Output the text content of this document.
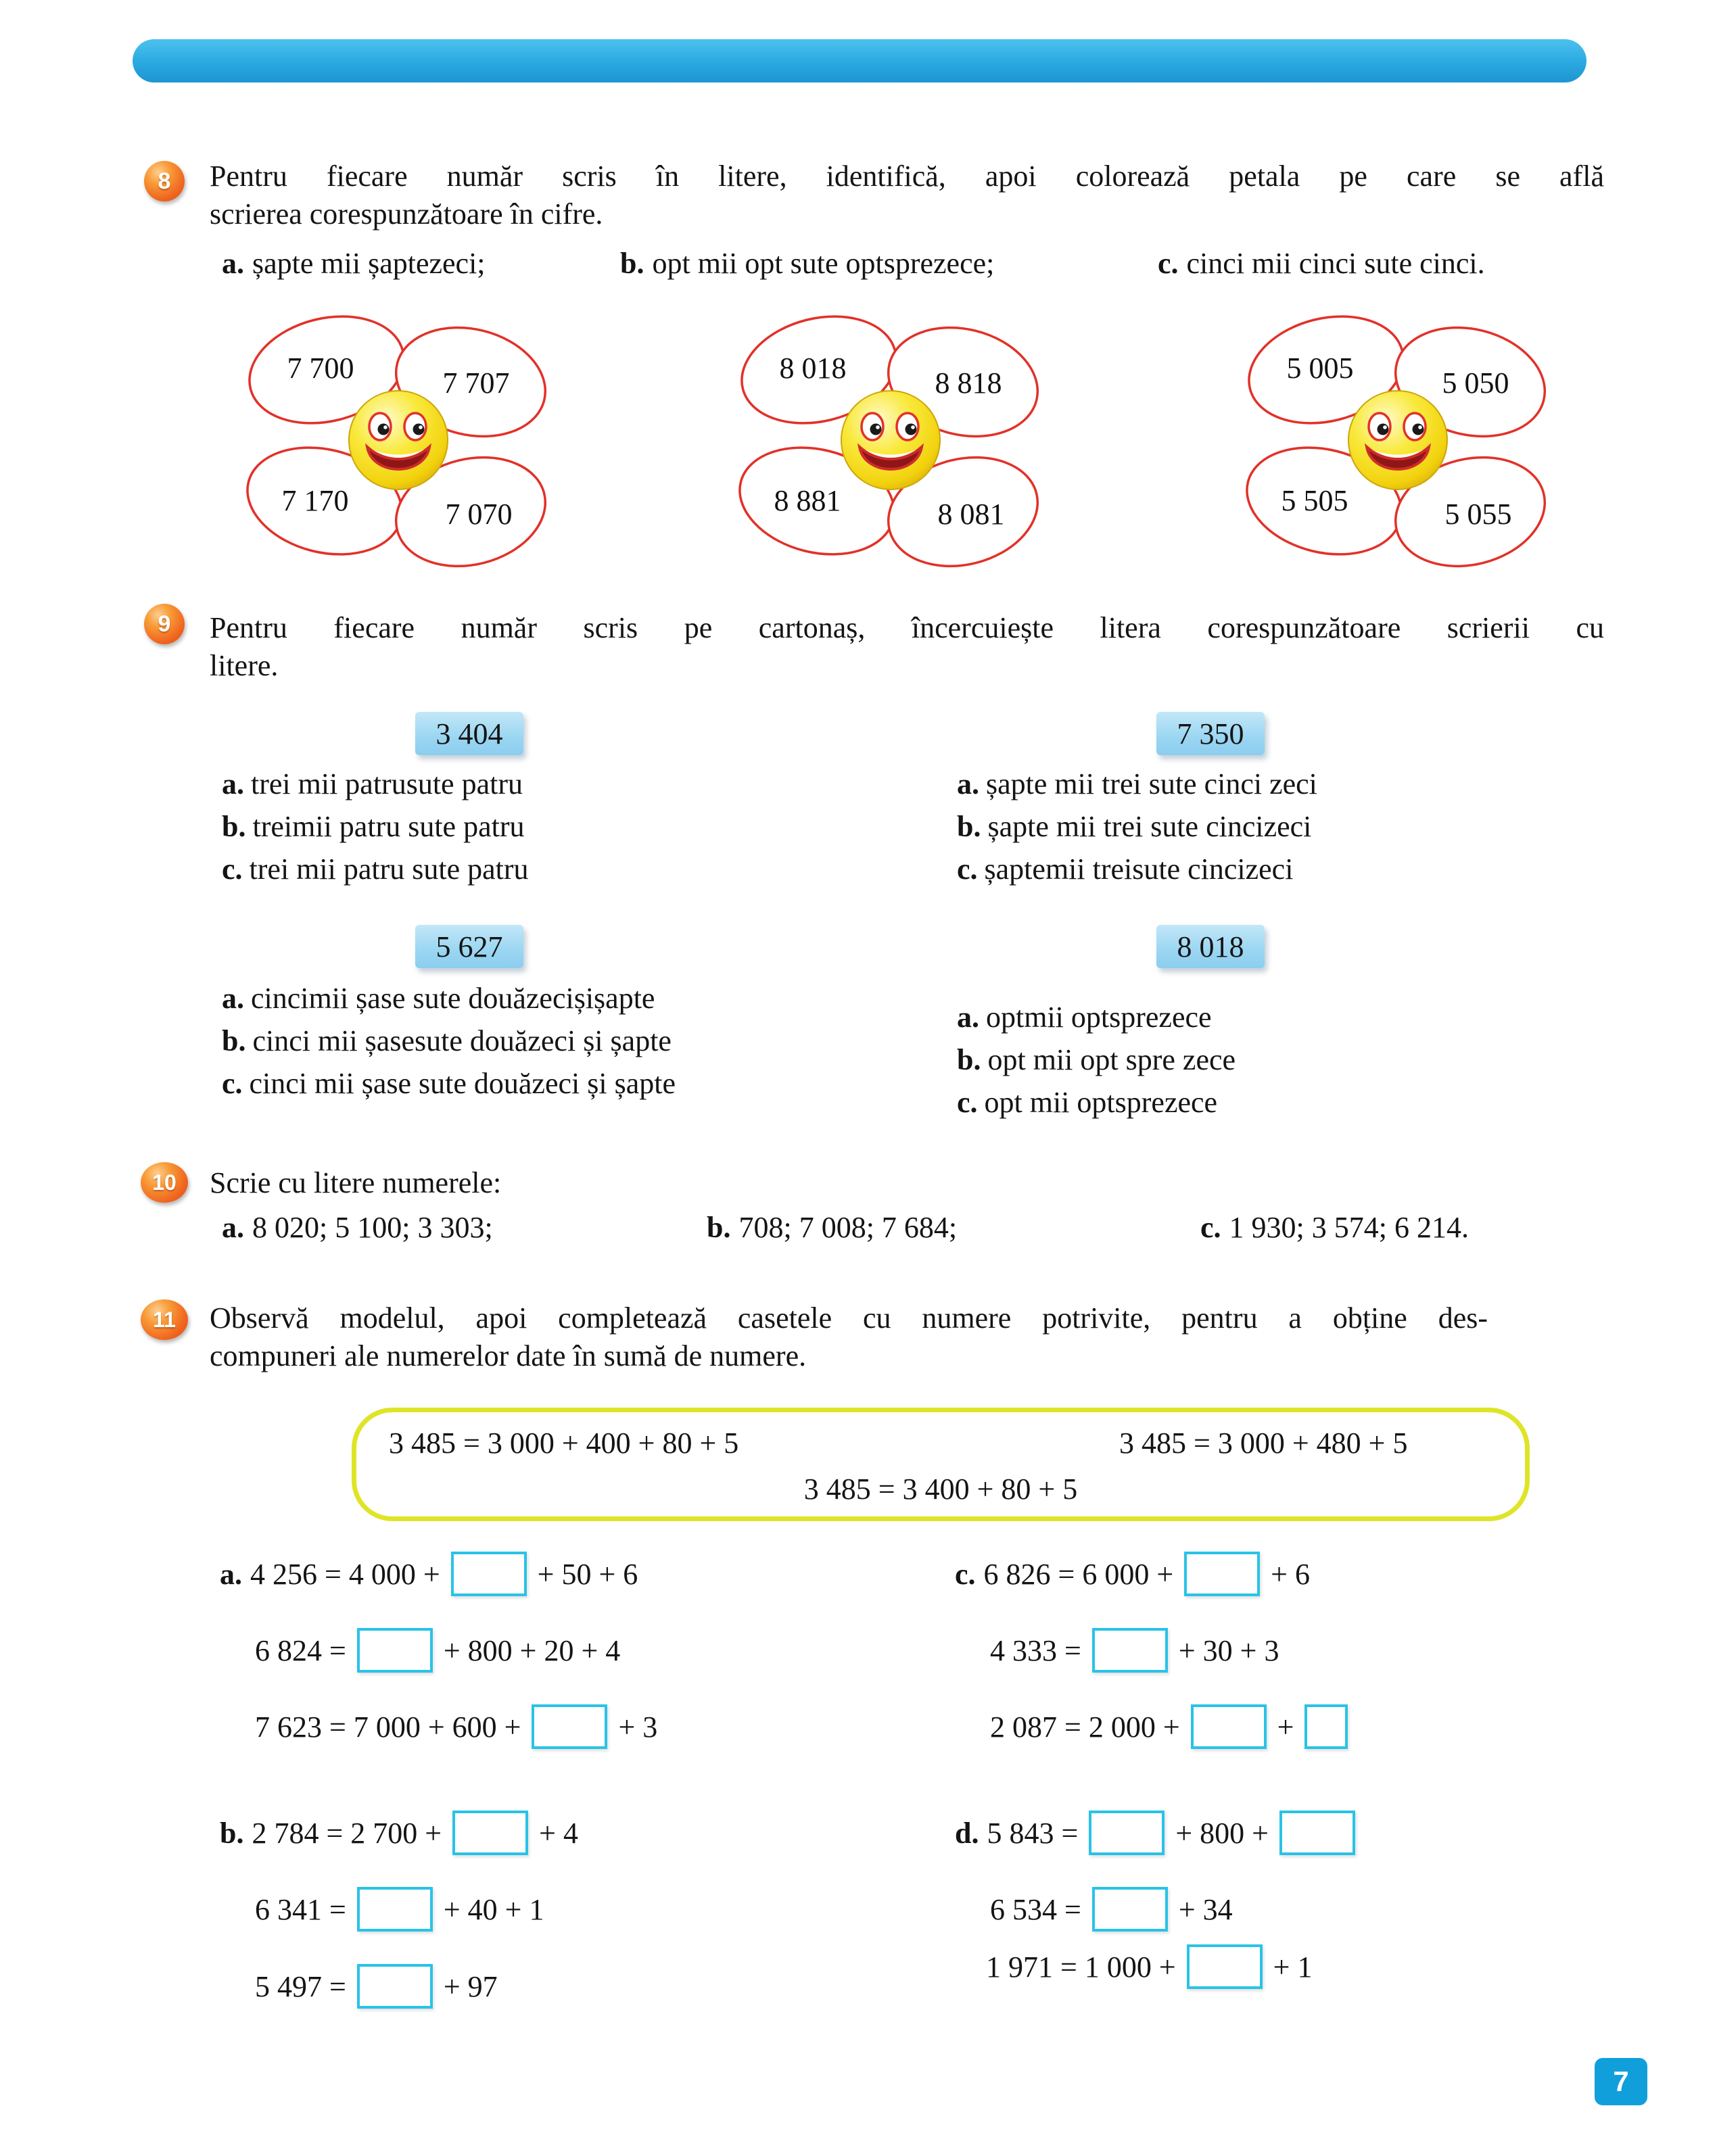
8	Pentru fiecare număr scris în litere, identifică, apoi colorează petala pe care se află
scrierea corespunzătoare în cifre.
a. șapte mii șaptezeci;	b. opt mii opt sute optsprezece;	c. cinci mii cinci sute cinci.
7 700	7 707
7 170	7 070
8 018	8 818
8 881	8 081
5 005	5 050
5 505	5 055
9	Pentru fiecare număr scris pe cartonaș, încercuiește litera corespunzătoare scrierii cu
litere.
3 404	7 350
a. trei mii patrusute patru
b. treimii patru sute patru
c. trei mii patru sute patru
a. șapte mii trei sute cinci zeci
b. șapte mii trei sute cincizeci
c. șaptemii treisute cincizeci
5 627	8 018
a. cincimii șase sute douăzecișișapte
b. cinci mii șasesute douăzeci și șapte
c. cinci mii șase sute douăzeci și șapte
a. optmii optsprezece
b. opt mii opt spre zece
c. opt mii optsprezece
10	Scrie cu litere numerele:
a. 8 020; 5 100; 3 303;	b. 708; 7 008; 7 684;	c. 1 930; 3 574; 6 214.
11	Observă modelul, apoi completează casetele cu numere potrivite, pentru a obține des-
compuneri ale numerelor date în sumă de numere.
3 485 = 3 000 + 400 + 80 + 5	3 485 = 3 000 + 480 + 5
3 485 = 3 400 + 80 + 5
a. 4 256 = 4 000 +	+ 50 + 6
6 824 =	+ 800 + 20 + 4
7 623 = 7 000 + 600 +	+ 3
b. 2 784 = 2 700 +	+ 4
6 341 =	+ 40 + 1
5 497 =	+ 97
c. 6 826 = 6 000 +	+ 6
4 333 =	+ 30 + 3
2 087 = 2 000 +	+
d. 5 843 =	+ 800 +
6 534 =	+ 34
1 971 = 1 000 +	+ 1
7
